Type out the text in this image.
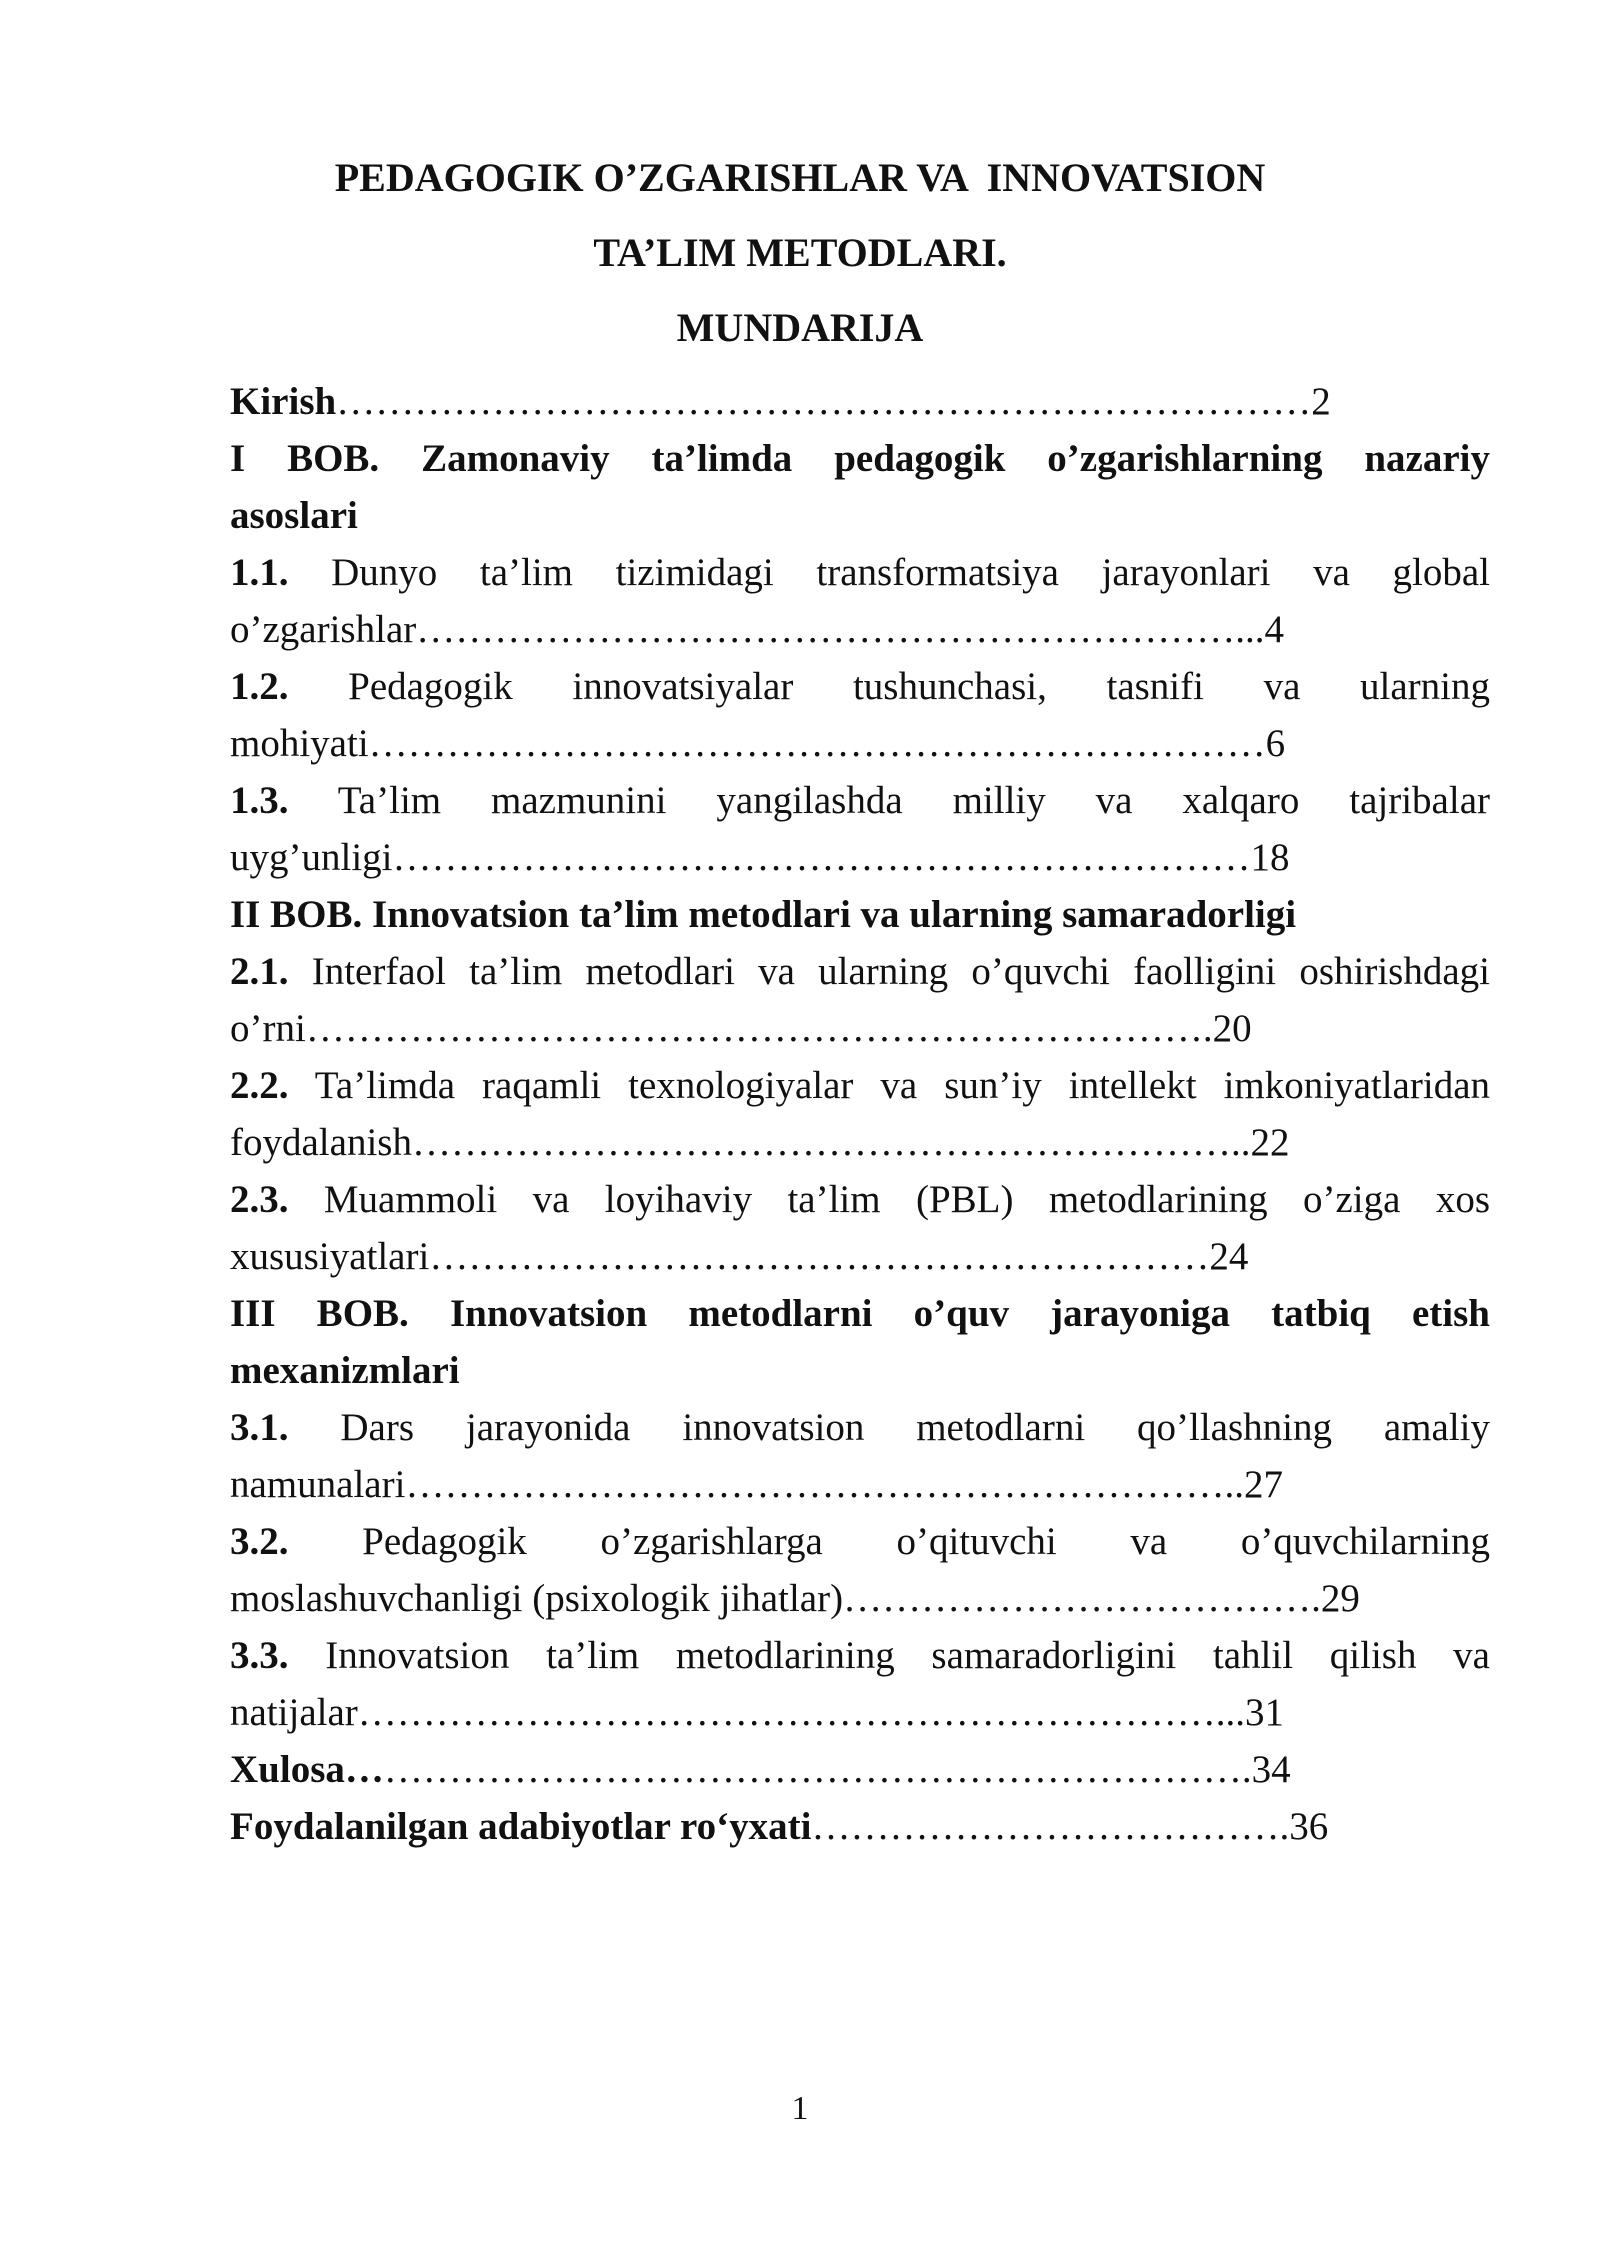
PEDAGOGIK O’ZGARISHLAR VA  INNOVATSION
TA’LIM METODLARI.
MUNDARIJA
Kirish…………………………………………………………………2
I BOB. Zamonaviy ta’limda pedagogik o’zgarishlarning nazariy
asoslari
1.1. Dunyo ta’lim tizimidagi transformatsiya jarayonlari va global
o’zgarishlar………………………………………………………...4
1.2. Pedagogik innovatsiyalar tushunchasi, tasnifi va ularning
mohiyati……………………………………………………………6
1.3. Ta’lim mazmunini yangilashda milliy va xalqaro tajribalar
uyg’unligi…………………………………………………………18
II BOB. Innovatsion ta’lim metodlari va ularning samaradorligi
2.1. Interfaol ta’lim metodlari va ularning o’quvchi faolligini oshirishdagi
o’rni…………………………………………………………….20
2.2. Ta’limda raqamli texnologiyalar va sun’iy intellekt imkoniyatlaridan
foydalanish………………………………………………………..22
2.3. Muammoli va loyihaviy ta’lim (PBL) metodlarining o’ziga xos
xususiyatlari……………………………………………………24
III BOB. Innovatsion metodlarni o’quv jarayoniga tatbiq etish
mexanizmlari
3.1. Dars jarayonida innovatsion metodlarni qo’llashning amaliy
namunalari………………………………………………………..27
3.2. Pedagogik o’zgarishlarga o’qituvchi va o’quvchilarning
moslashuvchanligi (psixologik jihatlar)……………………………….29
3.3. Innovatsion ta’lim metodlarining samaradorligini tahlil qilish va
natijalar…………………………………………………………...31
Xulosa…………………………………………………………….34
Foydalanilgan adabiyotlar ro‘yxati……………………………….36
1
